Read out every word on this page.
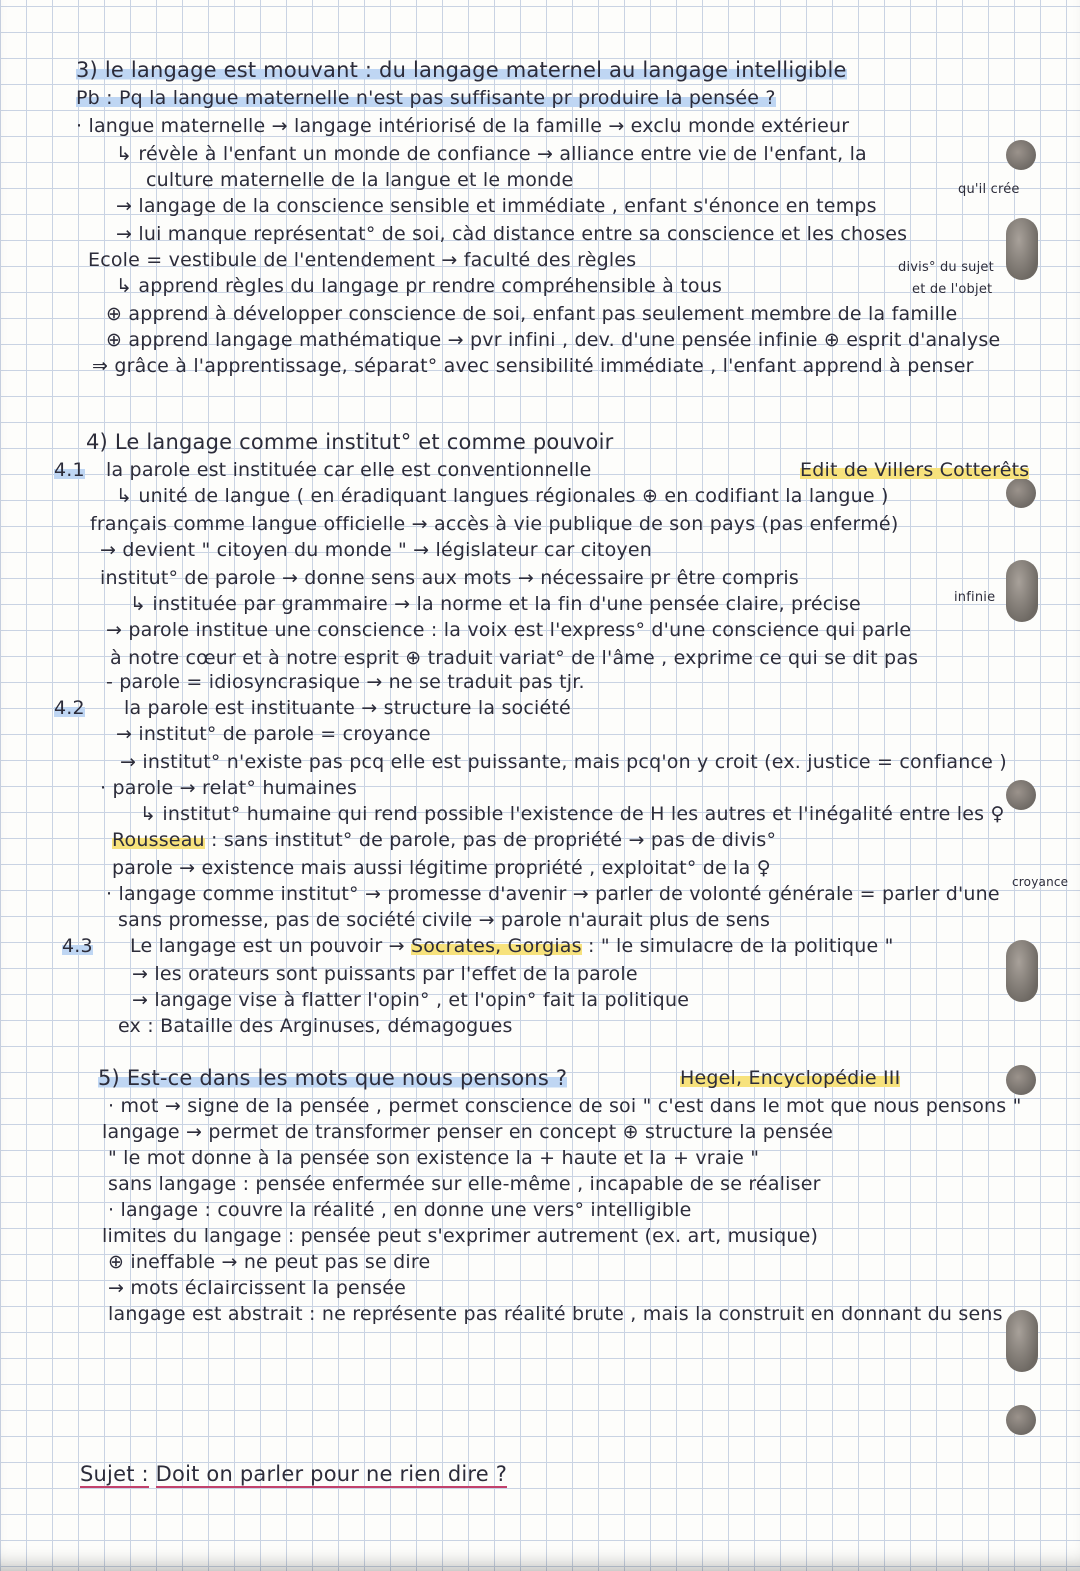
3) le langage est mouvant : du langage maternel au langage intelligible
Pb : Pq la langue maternelle n'est pas suffisante pr produire la pensée ?
· langue maternelle → langage intériorisé de la famille → exclu monde extérieur
↳ révèle à l'enfant un monde de confiance → alliance entre vie de l'enfant, la
culture maternelle de la langue et le monde	qu'il crée
→ langage de la conscience sensible et immédiate , enfant s'énonce en temps
→ lui manque représentat° de soi, càd distance entre sa conscience et les choses
Ecole = vestibule de l'entendement → faculté des règles	divis° du sujet
↳ apprend règles du langage pr rendre compréhensible à tous	et de l'objet
⊕ apprend à développer conscience de soi, enfant pas seulement membre de la famille
⊕ apprend langage mathématique → pvr infini , dev. d'une pensée infinie ⊕ esprit d'analyse
⇒ grâce à l'apprentissage, séparat° avec sensibilité immédiate , l'enfant apprend à penser
4) Le langage comme institut° et comme pouvoir
4.1 la parole est instituée car elle est conventionnelle	Edit de Villers Cotterêts
↳ unité de langue ( en éradiquant langues régionales ⊕ en codifiant la langue )
français comme langue officielle → accès à vie publique de son pays (pas enfermé)
→ devient " citoyen du monde " → législateur car citoyen
institut° de parole → donne sens aux mots → nécessaire pr être compris
infinie
↳ instituée par grammaire → la norme et la fin d'une pensée claire, précise
→ parole institue une conscience : la voix est l'express° d'une conscience qui parle
à notre cœur et à notre esprit ⊕ traduit variat° de l'âme , exprime ce qui se dit pas
- parole = idiosyncrasique → ne se traduit pas tjr.
4.2 la parole est instituante → structure la société
→ institut° de parole = croyance
→ institut° n'existe pas pcq elle est puissante, mais pcq'on y croit (ex. justice = confiance )
· parole → relat° humaines
↳ institut° humaine qui rend possible l'existence de H les autres et l'inégalité entre les ♀
Rousseau : sans institut° de parole, pas de propriété → pas de divis°
parole → existence mais aussi légitime propriété , exploitat° de la ♀
croyance
· langage comme institut° → promesse d'avenir → parler de volonté générale = parler d'une
sans promesse, pas de société civile → parole n'aurait plus de sens
4.3 Le langage est un pouvoir → Socrates, Gorgias : " le simulacre de la politique "
→ les orateurs sont puissants par l'effet de la parole
→ langage vise à flatter l'opin° , et l'opin° fait la politique
ex : Bataille des Arginuses, démagogues
5) Est-ce dans les mots que nous pensons ?	Hegel, Encyclopédie III
· mot → signe de la pensée , permet conscience de soi " c'est dans le mot que nous pensons "
langage → permet de transformer penser en concept ⊕ structure la pensée
" le mot donne à la pensée son existence la + haute et la + vraie "
sans langage : pensée enfermée sur elle-même , incapable de se réaliser
· langage : couvre la réalité , en donne une vers° intelligible
limites du langage : pensée peut s'exprimer autrement (ex. art, musique)
⊕ ineffable → ne peut pas se dire
→ mots éclaircissent la pensée
langage est abstrait : ne représente pas réalité brute , mais la construit en donnant du sens
Sujet : Doit on parler pour ne rien dire ?
